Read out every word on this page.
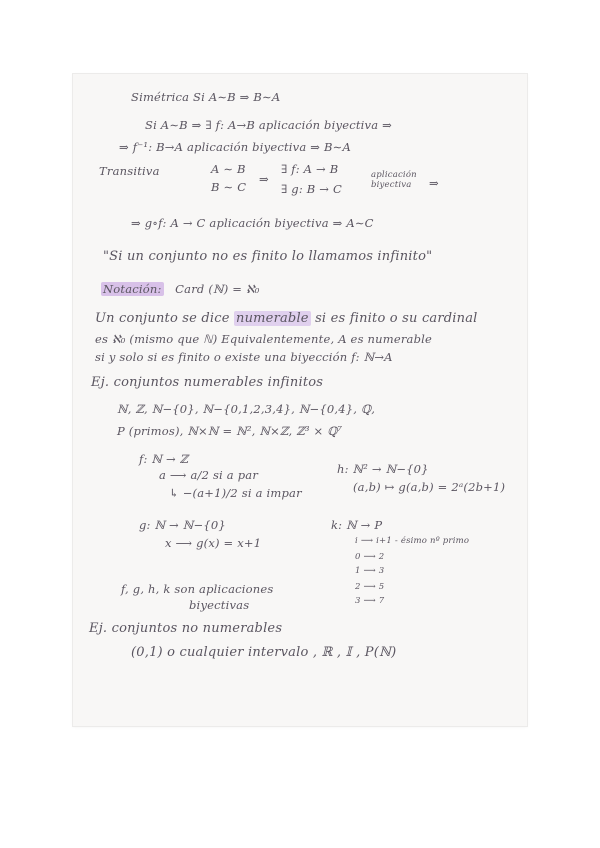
Simétrica Si A∼B ⇒ B∼A
Si A∼B ⇒ ∃ f: A→B aplicación biyectiva ⇒
⇒ f⁻¹: B→A aplicación biyectiva ⇒ B∼A
Transitiva	A ∼ B
B ∼ C
⇒
∃ f: A → B
∃ g: B → C
aplicación biyectiva	⇒
⇒ g∘f: A → C aplicación biyectiva ⇒ A∼C
"Si un conjunto no es finito lo llamamos infinito"
Notación: Card (ℕ) = ℵ₀
Un conjunto se dice numerable si es finito o su cardinal
es ℵ₀ (mismo que ℕ) Equivalentemente, A es numerable
si y solo si es finito o existe una biyección f: ℕ→A
Ej. conjuntos numerables infinitos
ℕ, ℤ, ℕ−{0}, ℕ−{0,1,2,3,4}, ℕ−{0,4}, ℚ,
P (primos), ℕ×ℕ = ℕ², ℕ×ℤ, ℤ³ × ℚ⁷
f: ℕ → ℤ
a ⟶ a/2 si a par
↳ −(a+1)/2 si a impar
h: ℕ² → ℕ−{0}
(a,b) ↦ g(a,b) = 2ᵃ(2b+1)
g: ℕ → ℕ−{0}
x ⟶ g(x) = x+1
k: ℕ → P
i ⟶ i+1 - ésimo nº primo
0 ⟶ 2
1 ⟶ 3
2 ⟶ 5
3 ⟶ 7
f, g, h, k son aplicaciones
biyectivas
Ej. conjuntos no numerables
(0,1) o cualquier intervalo , ℝ , 𝕀 , P(ℕ)
